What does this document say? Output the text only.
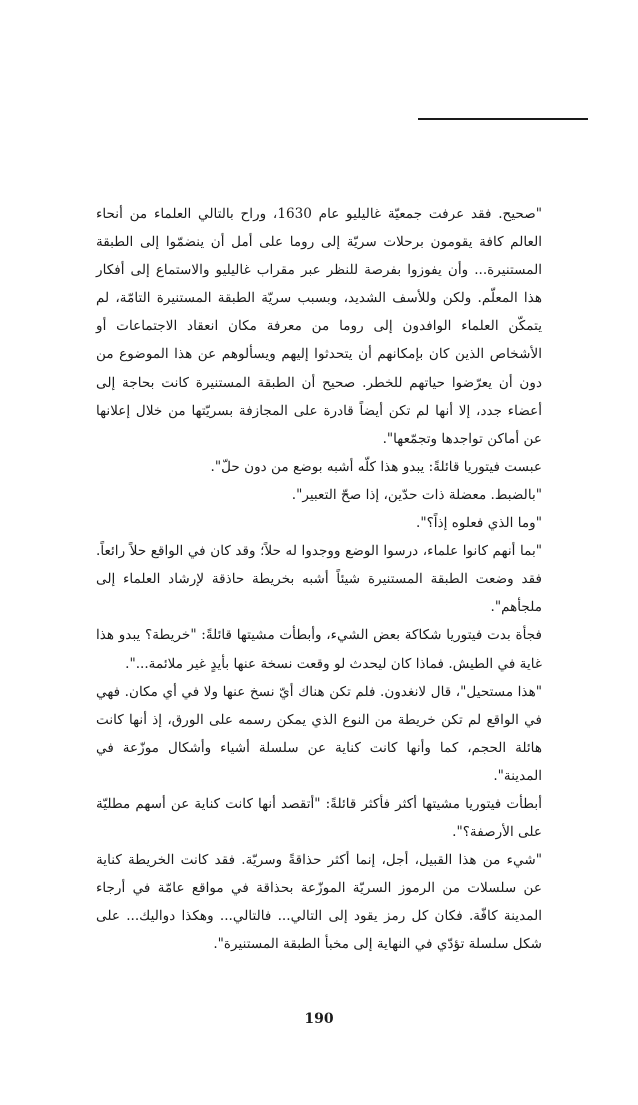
"صحيح. فقد عرفت جمعيّة غاليليو عام 1630، وراح بالتالي العلماء من أنحاء العالم كافة يقومون برحلات سريّة إلى روما على أمل أن ينضمّوا إلى الطبقة المستنيرة... وأن يفوزوا بفرصة للنظر عبر مقراب غاليليو والاستماع إلى أفكار هذا المعلّم. ولكن وللأسف الشديد، وبسبب سريّة الطبقة المستنيرة التامّة، لم يتمكّن العلماء الوافدون إلى روما من معرفة مكان انعقاد الاجتماعات أو الأشخاص الذين كان بإمكانهم أن يتحدثوا إليهم ويسألوهم عن هذا الموضوع من دون أن يعرّضوا حياتهم للخطر. صحيح أن الطبقة المستنيرة كانت بحاجة إلى أعضاء جدد، إلا أنها لم تكن أيضاً قادرة على المجازفة بسريّتها من خلال إعلانها عن أماكن تواجدها وتجمّعها".

عبست فيتوريا قائلةً: يبدو هذا كلّه أشبه بوضع من دون حلّ".

"بالضبط. معضلة ذات حدّين، إذا صحّ التعبير".

"وما الذي فعلوه إذاً؟".

"بما أنهم كانوا علماء، درسوا الوضع ووجدوا له حلاً؛ وقد كان في الواقع حلاً رائعاً. فقد وضعت الطبقة المستنيرة شيئاً أشبه بخريطة حاذقة لإرشاد العلماء إلى ملجأهم".

فجأة بدت فيتوريا شكاكة بعض الشيء، وأبطأت مشيتها قائلةً: "خريطة؟ يبدو هذا غاية في الطيش. فماذا كان ليحدث لو وقعت نسخة عنها بأيدٍ غير ملائمة...".

"هذا مستحيل"، قال لانغدون. فلم تكن هناك أيّ نسخ عنها ولا في أي مكان. فهي في الواقع لم تكن خريطة من النوع الذي يمكن رسمه على الورق، إذ أنها كانت هائلة الحجم، كما وأنها كانت كناية عن سلسلة أشياء وأشكال موزّعة في المدينة".

أبطأت فيتوريا مشيتها أكثر فأكثر قائلةً: "أتقصد أنها كانت كناية عن أسهم مطليّة على الأرصفة؟".

"شيء من هذا القبيل، أجل، إنما أكثر حذاقةً وسريّة. فقد كانت الخريطة كناية عن سلسلات من الرموز السريّة الموزّعة بحذاقة في مواقع عامّة في أرجاء المدينة كافّة. فكان كل رمز يقود إلى التالي... فالتالي... وهكذا دواليك... على شكل سلسلة تؤدّي في النهاية إلى مخبأ الطبقة المستنيرة".

190
